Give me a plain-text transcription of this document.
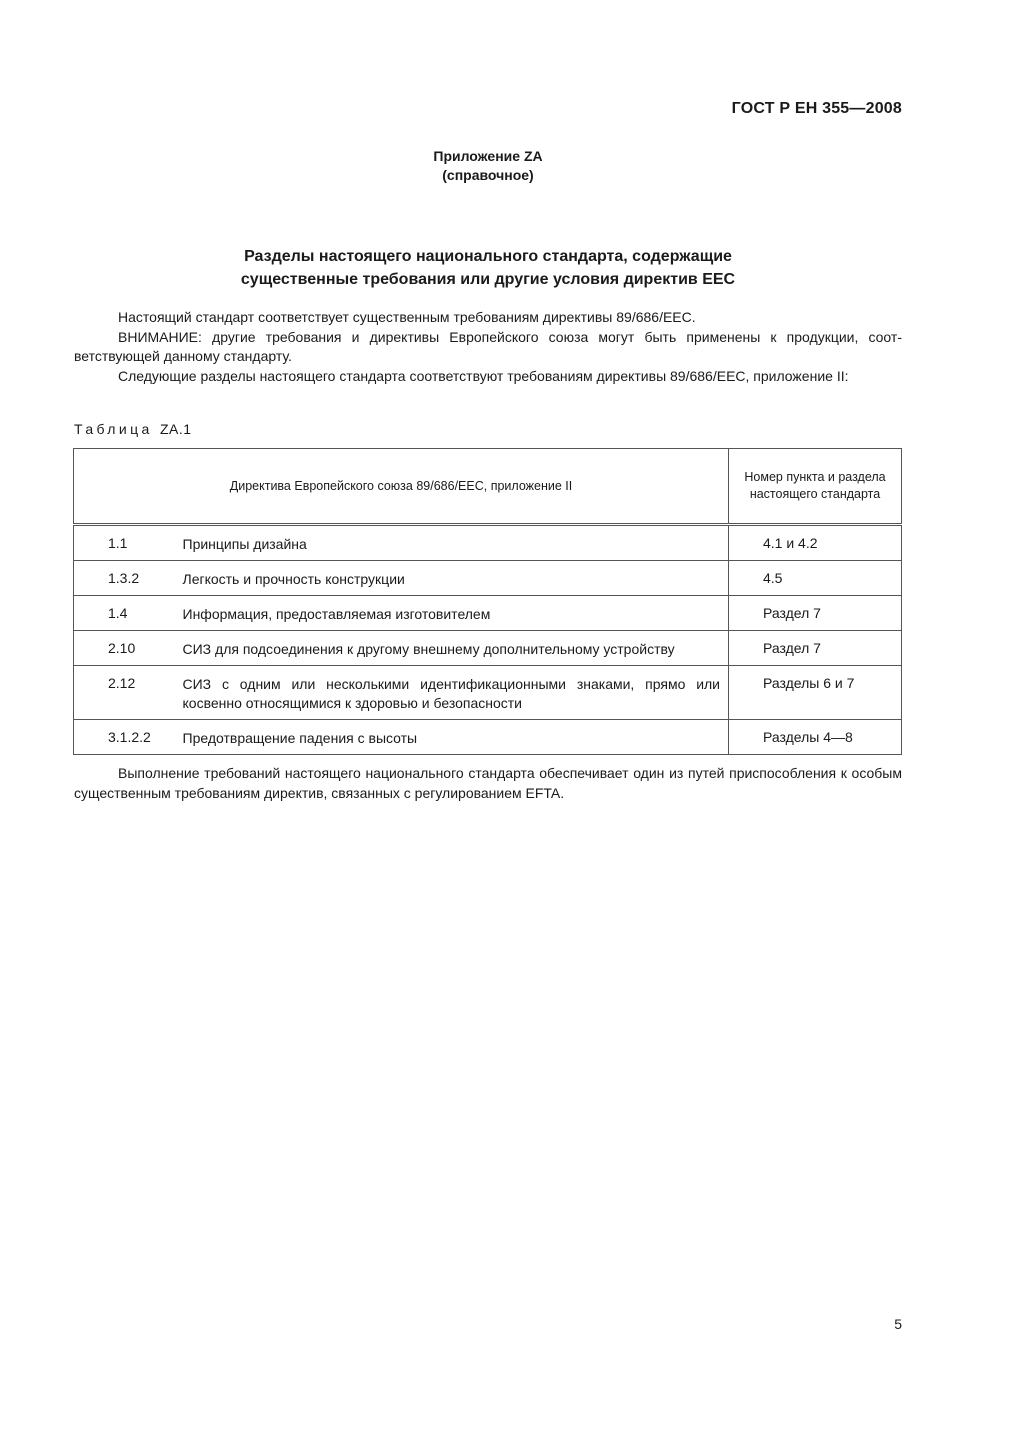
ГОСТ Р ЕН 355—2008
Приложение ZA
(справочное)
Разделы настоящего национального стандарта, содержащие
существенные требования или другие условия директив ЕЕС

Настоящий стандарт соответствует существенным требованиям директивы 89/686/ЕЕС.

ВНИМАНИЕ: другие требования и директивы Европейского союза могут быть применены к продукции, соответствующей данному стандарту.

Следующие разделы настоящего стандарта соответствуют требованиям директивы 89/686/ЕЕС, приложение II:

Таблица ZA.1
Директива Европейского союза 89/686/ЕЕС, приложение II		Номер пункта и раздела настоящего стандарта
1.1	Принципы дизайна	4.1 и 4.2
1.3.2	Легкость и прочность конструкции	4.5
1.4	Информация, предоставляемая изготовителем	Раздел 7
2.10	СИЗ для подсоединения к другому внешнему дополнительному устройству	Раздел 7
2.12	СИЗ с одним или несколькими идентификационными знаками, прямо или косвенно относящимися к здоровью и безопасности	Разделы 6 и 7
3.1.2.2	Предотвращение падения с высоты	Разделы 4—8

Выполнение требований настоящего национального стандарта обеспечивает один из путей приспособления к особым существенным требованиям директив, связанных с регулированием EFTA.

5
